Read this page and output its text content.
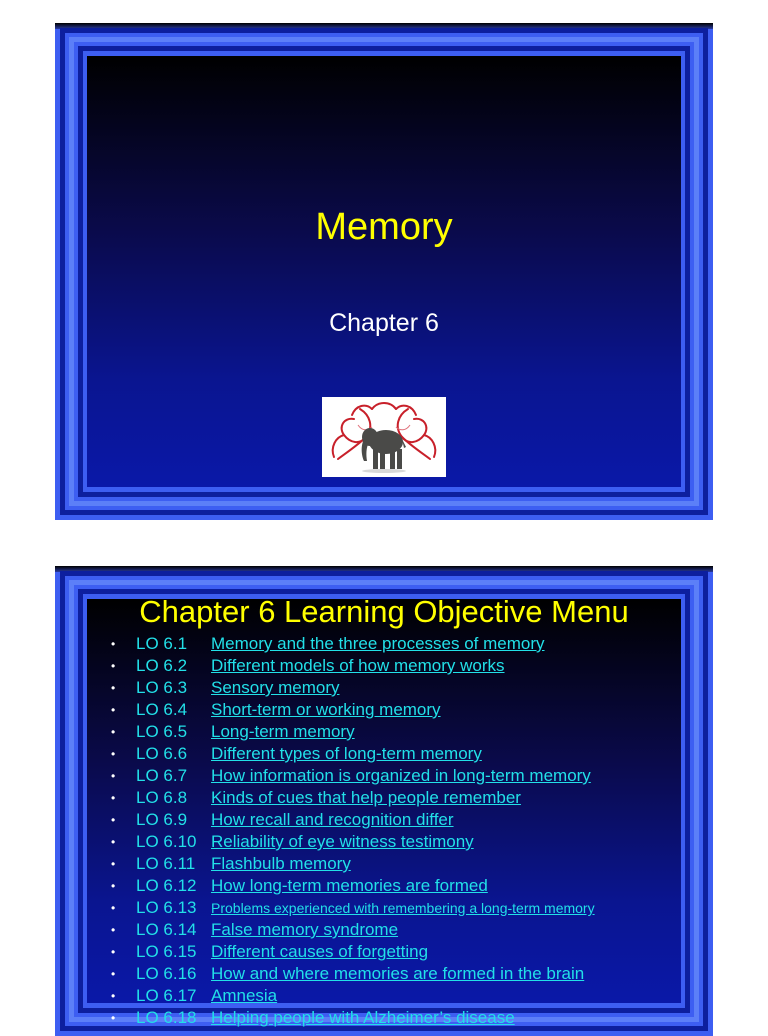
Memory
Chapter 6
Chapter 6 Learning Objective Menu
• LO 6.1 Memory and the three processes of memory
• LO 6.2 Different models of how memory works
• LO 6.3 Sensory memory
• LO 6.4 Short-term or working memory
• LO 6.5 Long-term memory
• LO 6.6 Different types of long-term memory
• LO 6.7 How information is organized in long-term memory
• LO 6.8 Kinds of cues that help people remember
• LO 6.9 How recall and recognition differ
• LO 6.10 Reliability of eye witness testimony
• LO 6.11 Flashbulb memory
• LO 6.12 How long-term memories are formed
• LO 6.13 Problems experienced with remembering a long-term memory
• LO 6.14 False memory syndrome
• LO 6.15 Different causes of forgetting
• LO 6.16 How and where memories are formed in the brain
• LO 6.17 Amnesia
• LO 6.18 Helping people with Alzheimer’s disease
